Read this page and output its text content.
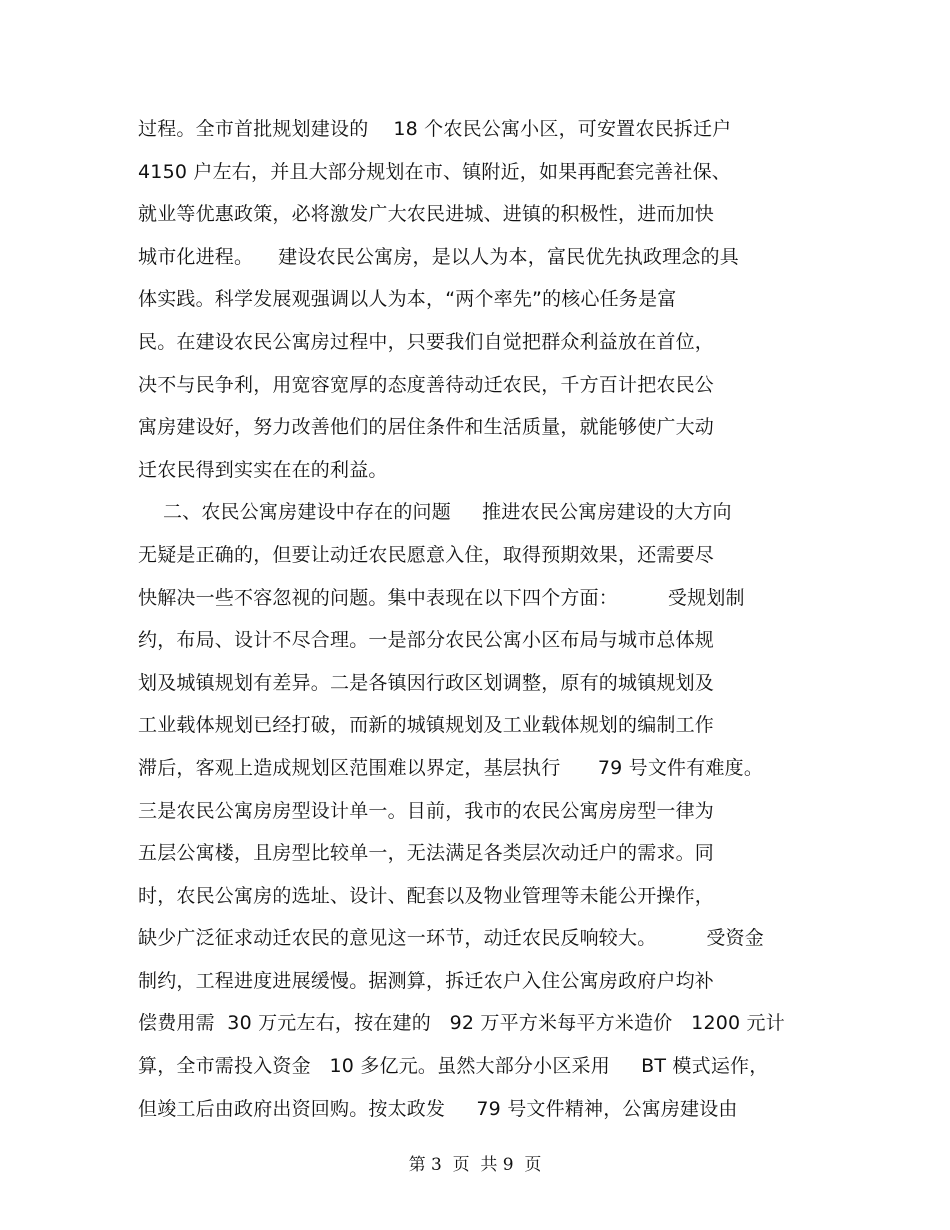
过程。全市首批规划建设的    18 个农民公寓小区，可安置农民拆迁户
4150 户左右，并且大部分规划在市、镇附近，如果再配套完善社保、
就业等优惠政策，必将激发广大农民进城、进镇的积极性，进而加快
城市化进程。    建设农民公寓房，是以人为本，富民优先执政理念的具
体实践。科学发展观强调以人为本，“两个率先”的核心任务是富
民。在建设农民公寓房过程中，只要我们自觉把群众利益放在首位，
决不与民争利，用宽容宽厚的态度善待动迁农民，千方百计把农民公
寓房建设好，努力改善他们的居住条件和生活质量，就能够使广大动
迁农民得到实实在在的利益。
二、农民公寓房建设中存在的问题     推进农民公寓房建设的大方向
无疑是正确的，但要让动迁农民愿意入住，取得预期效果，还需要尽
快解决一些不容忽视的问题。集中表现在以下四个方面：        受规划制
约，布局、设计不尽合理。一是部分农民公寓小区布局与城市总体规
划及城镇规划有差异。二是各镇因行政区划调整，原有的城镇规划及
工业载体规划已经打破，而新的城镇规划及工业载体规划的编制工作
滞后，客观上造成规划区范围难以界定，基层执行      79 号文件有难度。
三是农民公寓房房型设计单一。目前，我市的农民公寓房房型一律为
五层公寓楼，且房型比较单一，无法满足各类层次动迁户的需求。同
时，农民公寓房的选址、设计、配套以及物业管理等未能公开操作，
缺少广泛征求动迁农民的意见这一环节，动迁农民反响较大。        受资金
制约，工程进度进展缓慢。据测算，拆迁农户入住公寓房政府户均补
偿费用需  30 万元左右，按在建的   92 万平方米每平方米造价   1200 元计
算，全市需投入资金   10 多亿元。虽然大部分小区采用     BT 模式运作，
但竣工后由政府出资回购。按太政发     79 号文件精神，公寓房建设由
第 3  页  共 9  页
